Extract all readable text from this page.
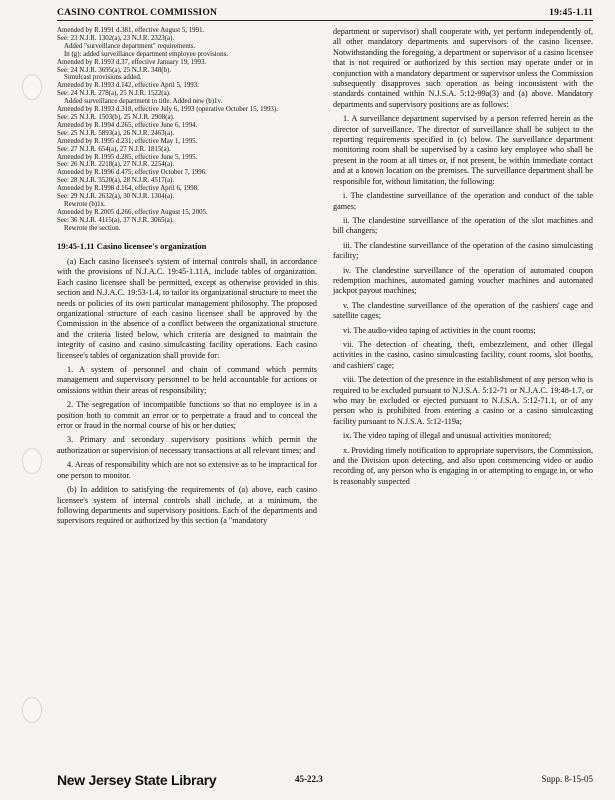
CASINO CONTROL COMMISSION	19:45-1.11
Amended by R.1991 d.381, effective August 5, 1991.
See: 23 N.J.R. 1302(a), 23 N.J.R. 2323(a).
Added "surveillance department" requirements.
In (g): added surveillance department employee provisions.
Amended by R.1993 d.37, effective January 19, 1993.
See: 24 N.J.R. 3695(a), 25 N.J.R. 348(b).
Simulcast provisions added.
Amended by R.1993 d.142, effective April 5, 1993.
See: 24 N.J.R. 278(a), 25 N.J.R. 1522(a).
Added surveillance department to title. Added new (b)1v.
Amended by R.1993 d.318, effective July 6, 1993 (operative October 15, 1993).
See: 25 N.J.R. 1503(b), 25 N.J.R. 2908(a).
Amended by R.1994 d.265, effective June 6, 1994.
See: 25 N.J.R. 5893(a), 26 N.J.R. 2463(a).
Amended by R.1995 d.231, effective May 1, 1995.
See: 27 N.J.R. 654(a), 27 N.J.R. 1815(a).
Amended by R.1995 d.285, effective June 5, 1995.
See: 26 N.J.R. 2218(a), 27 N.J.R. 2254(a).
Amended by R.1996 d.475, effective October 7, 1996.
See: 28 N.J.R. 3520(a), 28 N.J.R. 4517(a).
Amended by R.1998 d.164, effective April 6, 1998.
See: 29 N.J.R. 2632(a), 30 N.J.R. 1304(a).
Rewrote (b)1x.
Amended by R.2005 d.266, effective August 15, 2005.
See: 36 N.J.R. 4115(a), 37 N.J.R. 3065(a).
Rewrote the section.
19:45-1.11 Casino licensee's organization

(a) Each casino licensee's system of internal controls shall, in accordance with the provisions of N.J.A.C. 19:45-1.11A, include tables of organization. Each casino licensee shall be permitted, except as otherwise provided in this section and N.J.A.C. 19:53-1.4, to tailor its organizational structure to meet the needs or policies of its own particular management philosophy. The proposed organizational structure of each casino licensee shall be approved by the Commission in the absence of a conflict between the organizational structure and the criteria listed below, which criteria are designed to maintain the integrity of casino and casino simulcasting facility operations. Each casino licensee's tables of organization shall provide for:

1. A system of personnel and chain of command which permits management and supervisory personnel to be held accountable for actions or omissions within their areas of responsibility;

2. The segregation of incompatible functions so that no employee is in a position both to commit an error or to perpetrate a fraud and to conceal the error or fraud in the normal course of his or her duties;

3. Primary and secondary supervisory positions which permit the authorization or supervision of necessary transactions at all relevant times; and

4. Areas of responsibility which are not so extensive as to be impractical for one person to monitor.

(b) In addition to satisfying the requirements of (a) above, each casino licensee's system of internal controls shall include, at a minimum, the following departments and supervisory positions. Each of the departments and supervisors required or authorized by this section (a "mandatory

department or supervisor) shall cooperate with, yet perform independently of, all other mandatory departments and supervisors of the casino licensee. Notwithstanding the foregoing, a department or supervisor of a casino licensee that is not required or authorized by this section may operate under or in conjunction with a mandatory department or supervisor unless the Commission subsequently disapproves such operation as being inconsistent with the standards contained within N.J.S.A. 5:12-99a(3) and (a) above. Mandatory departments and supervisory positions are as follows:

1. A surveillance department supervised by a person referred herein as the director of surveillance. The director of surveillance shall be subject to the reporting requirements specified in (c) below. The surveillance department monitoring room shall be supervised by a casino key employee who shall be present in the room at all times or, if not present, be within immediate contact and at a known location on the premises. The surveillance department shall be responsible for, without limitation, the following:

i. The clandestine surveillance of the operation and conduct of the table games;

ii. The clandestine surveillance of the operation of the slot machines and bill changers;

iii. The clandestine surveillance of the operation of the casino simulcasting facility;

iv. The clandestine surveillance of the operation of automated coupon redemption machines, automated gaming voucher machines and automated jackpot payout machines;

v. The clandestine surveillance of the operation of the cashiers' cage and satellite cages;

vi. The audio-video taping of activities in the count rooms;

vii. The detection of cheating, theft, embezzlement, and other illegal activities in the casino, casino simulcasting facility, count rooms, slot booths, and cashiers' cage;

viii. The detection of the presence in the establishment of any person who is required to be excluded pursuant to N.J.S.A. 5:12-71 or N.J.A.C. 19:48-1.7, or who may be excluded or ejected pursuant to N.J.S.A. 5:12-71.1, or of any person who is prohibited from entering a casino or a casino simulcasting facility pursuant to N.J.S.A. 5:12-119a;

ix. The video taping of illegal and unusual activities monitored;

x. Providing timely notification to appropriate supervisors, the Commission, and the Division upon detecting, and also upon commencing video or audio recording of, any person who is engaging in or attempting to engage in, or who is reasonably suspected

New Jersey State Library	45-22.3	Supp. 8-15-05
